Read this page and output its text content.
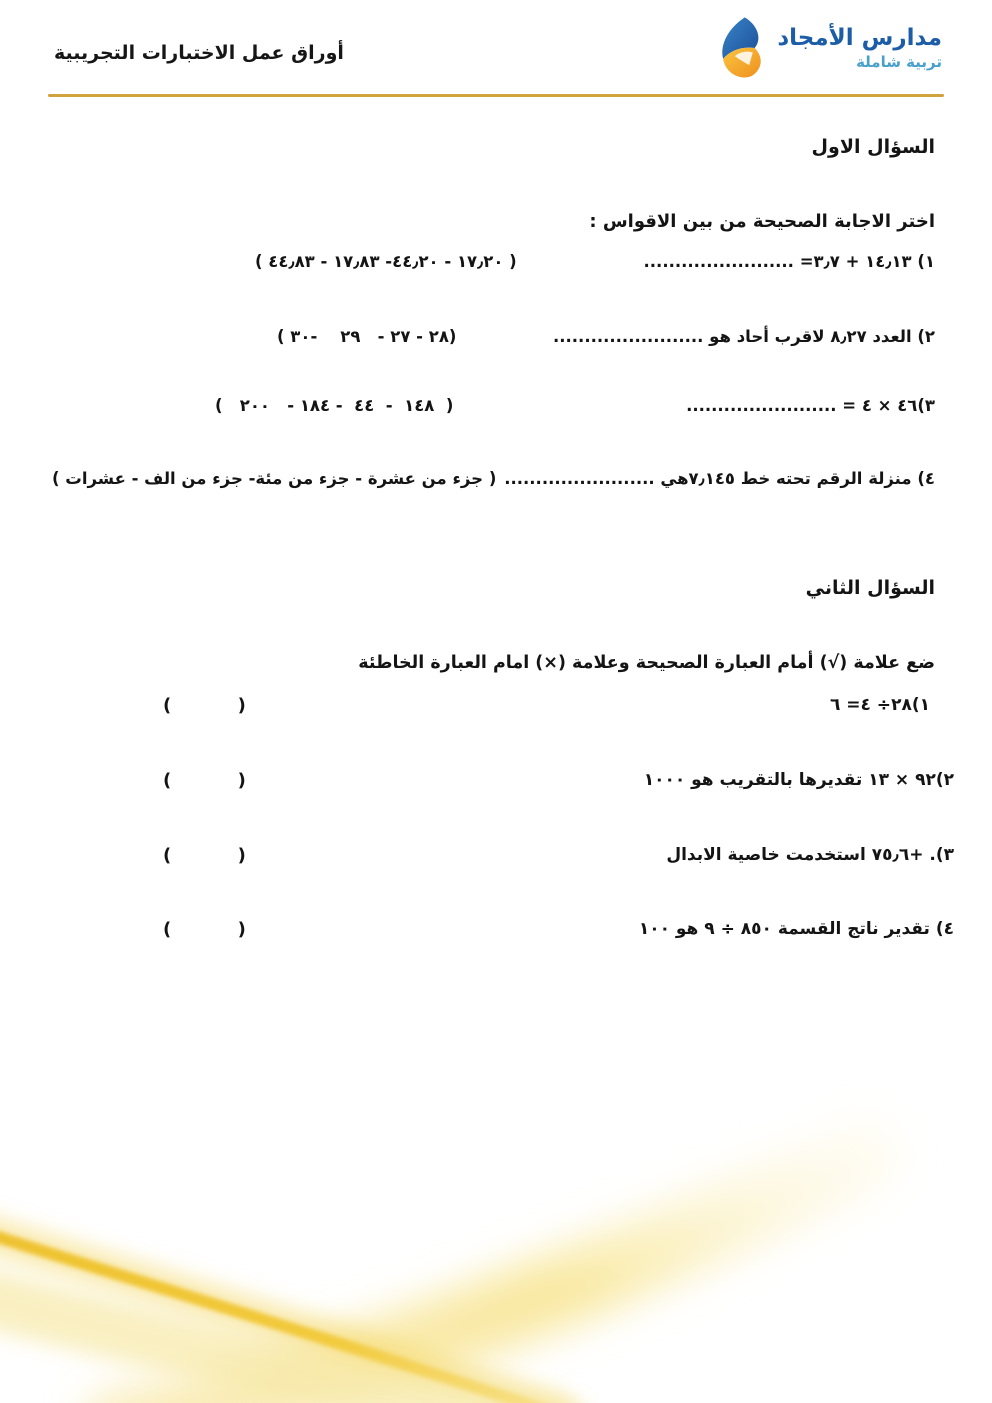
أوراق عمل الاختبارات التجريبية
مدارس الأمجاد
تربية شاملة
السؤال الاول
اختر الاجابة الصحيحة من بين الاقواس :
١) ١٤٫١٣ + ٣٫٧= ........................
( ١٧٫٢٠ - ٤٤٫٢٠- ١٧٫٨٣ - ٤٤٫٨٣ )
٢) العدد ٨٫٢٧ لاقرب أحاد هو ........................
(٢٨ - ٢٧ -   ٢٩    -٣٠ )
٣)٤٦ × ٤ = ........................
(  ١٤٨  -  ٤٤  - ١٨٤ -   ٢٠٠   )
٤) منزلة الرقم تحته خط ٧٫١٤٥هي ........................
( جزء من عشرة - جزء من مئة- جزء من الف - عشرات )
السؤال الثاني
ضع علامة (√) أمام العبارة الصحيحة وعلامة (×) امام العبارة الخاطئة
١)٢٨÷ ٤= ٦
(         )
٢)٩٢ × ١٣ تقديرها بالتقريب هو ١٠٠٠
(         )
٣). +٧٥٫٦ استخدمت خاصية الابدال
(         )
٤) تقدير ناتج القسمة ٨٥٠ ÷ ٩ هو ١٠٠
(         )
